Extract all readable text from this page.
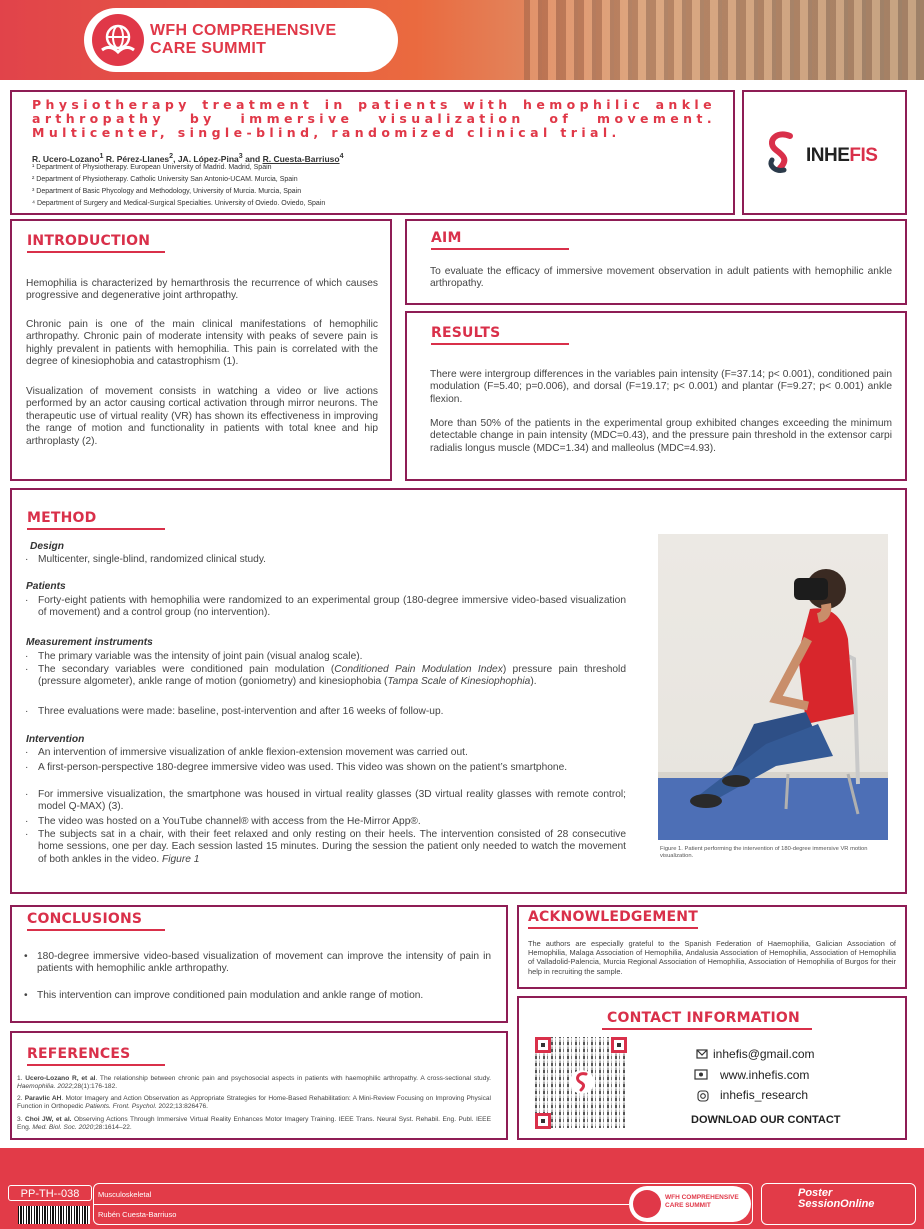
WFH COMPREHENSIVE
CARE SUMMIT
Physiotherapy treatment in patients with hemophilic ankle arthropathy by immersive visualization of movement. Multicenter, single-blind, randomized clinical trial.
R. Ucero-Lozano$^1$ R. Pérez-Llanes$^2$, JA. López-Pina$^3$ and R. Cuesta-Barriuso$^4$
¹ Department of Physiotherapy. European University of Madrid. Madrid, Spain
² Department of Physiotherapy. Catholic University San Antonio-UCAM. Murcia, Spain
³ Department of Basic Phycology and Methodology, University of Murcia. Murcia, Spain
⁴ Department of Surgery and Medical-Surgical Specialties. University of Oviedo. Oviedo, Spain
INHEFIS
INTRODUCTION
Hemophilia is characterized by hemarthrosis the recurrence of which causes progressive and degenerative joint arthropathy.
Chronic pain is one of the main clinical manifestations of hemophilic arthropathy. Chronic pain of moderate intensity with peaks of severe pain is highly prevalent in patients with hemophilia. This pain is correlated with the degree of kinesiophobia and catastrophism (1).
Visualization of movement consists in watching a video or live actions performed by an actor causing cortical activation through mirror neurons. The therapeutic use of virtual reality (VR) has shown its effectiveness in improving the range of motion and functionality in patients with total knee and hip arthroplasty (2).
AIM
To evaluate the efficacy of immersive movement observation in adult patients with hemophilic ankle arthropathy.
RESULTS
There were intergroup differences in the variables pain intensity (F=37.14; p< 0.001), conditioned pain modulation (F=5.40; p=0.006), and dorsal (F=19.17; p< 0.001) and plantar (F=9.27; p< 0.001) ankle flexion.
More than 50% of the patients in the experimental group exhibited changes exceeding the minimum detectable change in pain intensity (MDC=0.43), and the pressure pain threshold in the extensor carpi radialis longus muscle (MDC=1.34) and malleolus (MDC=4.93).
METHOD
Design
· Multicenter, single-blind, randomized clinical study.
Patients
· Forty-eight patients with hemophilia were randomized to an experimental group (180-degree immersive video-based visualization of movement) and a control group (no intervention).
Measurement instruments
· The primary variable was the intensity of joint pain (visual analog scale).
· The secondary variables were conditioned pain modulation (Conditioned Pain Modulation Index) pressure pain threshold (pressure algometer), ankle range of motion (goniometry) and kinesiophobia (Tampa Scale of Kinesiophophia).
· Three evaluations were made: baseline, post-intervention and after 16 weeks of follow-up.
Intervention
· An intervention of immersive visualization of ankle flexion-extension movement was carried out.
· A first-person-perspective 180-degree immersive video was used. This video was shown on the patient’s smartphone.
· For immersive visualization, the smartphone was housed in virtual reality glasses (3D virtual reality glasses with remote control; model Q-MAX) (3).
· The video was hosted on a YouTube channel® with access from the He-Mirror App®.
· The subjects sat in a chair, with their feet relaxed and only resting on their heels. The intervention consisted of 28 consecutive home sessions, one per day. Each session lasted 15 minutes. During the session the patient only needed to watch the movement of both ankles in the video. Figure 1
Figure 1. Patient performing the intervention of 180-degree immersive VR motion visualization.
CONCLUSIONS
• 180-degree immersive video-based visualization of movement can improve the intensity of pain in patients with hemophilic ankle arthropathy.
• This intervention can improve conditioned pain modulation and ankle range of motion.
REFERENCES
1. Ucero-Lozano R, et al. The relationship between chronic pain and psychosocial aspects in patients with haemophilic arthropathy. A cross-sectional study. Haemophilia. 2022;28(1):176-182.
2. Paravlic AH. Motor Imagery and Action Observation as Appropriate Strategies for Home-Based Rehabilitation: A Mini-Review Focusing on Improving Physical Function in Orthopedic Patients. Front. Psychol. 2022;13:826476.
3. Choi JW, et al. Observing Actions Through Immersive Virtual Reality Enhances Motor Imagery Training. IEEE Trans. Neural Syst. Rehabil. Eng. Publ. IEEE Eng. Med. Biol. Soc. 2020;28:1614–22.
ACKNOWLEDGEMENT
The authors are especially grateful to the Spanish Federation of Haemophilia, Galician Association of Hemophilia, Malaga Association of Hemophilia, Andalusia Association of Hemophilia, Association of Hemophilia of Valladolid-Palencia, Murcia Regional Association of Hemophilia, Association of Hemophilia of Burgos for their help in recruiting the sample.
CONTACT INFORMATION
inhefis@gmail.com
www.inhefis.com
inhefis_research
DOWNLOAD OUR CONTACT
PP-TH--038	Musculoskeletal
Rubén Cuesta-Barriuso
WFH COMPREHENSIVE
CARE SUMMIT
Poster
SessionOnline
